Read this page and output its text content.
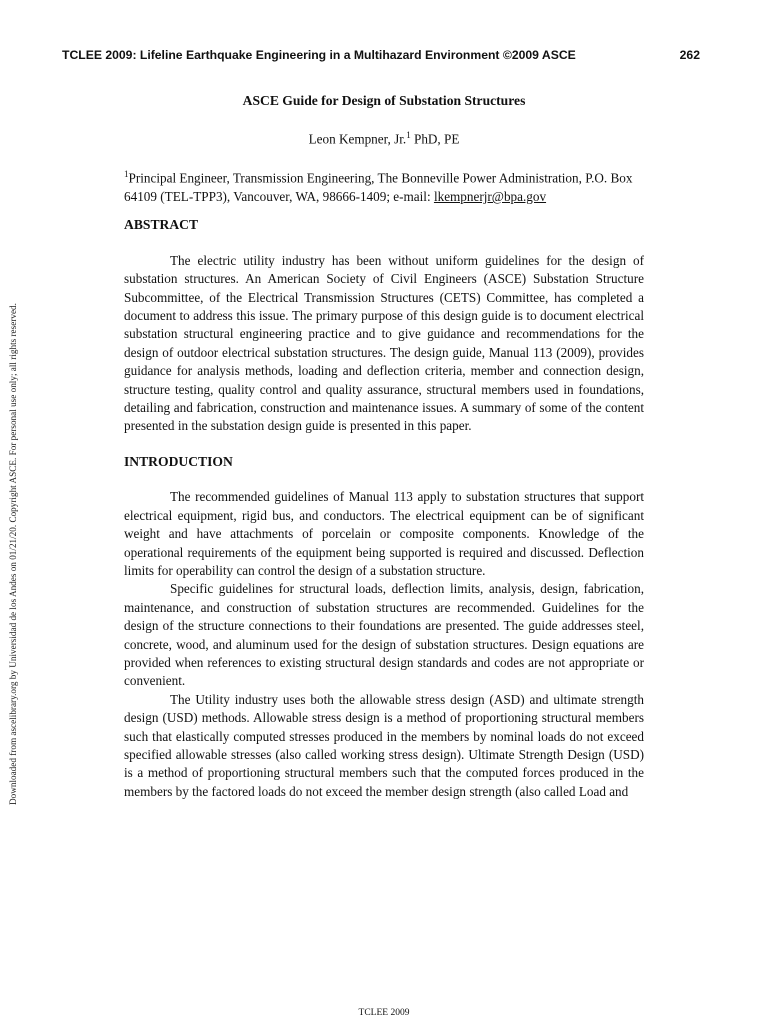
TCLEE 2009: Lifeline Earthquake Engineering in a Multihazard Environment ©2009 ASCE	262
Downloaded from ascelibrary.org by Universidad de los Andes on 01/21/20. Copyright ASCE. For personal use only; all rights reserved.
ASCE Guide for Design of Substation Structures
Leon Kempner, Jr.$^1$ PhD, PE
$^1$Principal Engineer, Transmission Engineering, The Bonneville Power Administration, P.O. Box 64109 (TEL-TPP3), Vancouver, WA, 98666-1409; e-mail: lkempnerjr@bpa.gov
ABSTRACT

The electric utility industry has been without uniform guidelines for the design of substation structures. An American Society of Civil Engineers (ASCE) Substation Structure Subcommittee, of the Electrical Transmission Structures (CETS) Committee, has completed a document to address this issue. The primary purpose of this design guide is to document electrical substation structural engineering practice and to give guidance and recommendations for the design of outdoor electrical substation structures. The design guide, Manual 113 (2009), provides guidance for analysis methods, loading and deflection criteria, member and connection design, structure testing, quality control and quality assurance, structural members used in foundations, detailing and fabrication, construction and maintenance issues. A summary of some of the content presented in the substation design guide is presented in this paper.

INTRODUCTION

The recommended guidelines of Manual 113 apply to substation structures that support electrical equipment, rigid bus, and conductors. The electrical equipment can be of significant weight and have attachments of porcelain or composite components. Knowledge of the operational requirements of the equipment being supported is required and discussed. Deflection limits for operability can control the design of a substation structure.

Specific guidelines for structural loads, deflection limits, analysis, design, fabrication, maintenance, and construction of substation structures are recommended. Guidelines for the design of the structure connections to their foundations are presented. The guide addresses steel, concrete, wood, and aluminum used for the design of substation structures. Design equations are provided when references to existing structural design standards and codes are not appropriate or convenient.

The Utility industry uses both the allowable stress design (ASD) and ultimate strength design (USD) methods. Allowable stress design is a method of proportioning structural members such that elastically computed stresses produced in the members by nominal loads do not exceed specified allowable stresses (also called working stress design). Ultimate Strength Design (USD) is a method of proportioning structural members such that the computed forces produced in the members by the factored loads do not exceed the member design strength (also called Load and

TCLEE 2009
